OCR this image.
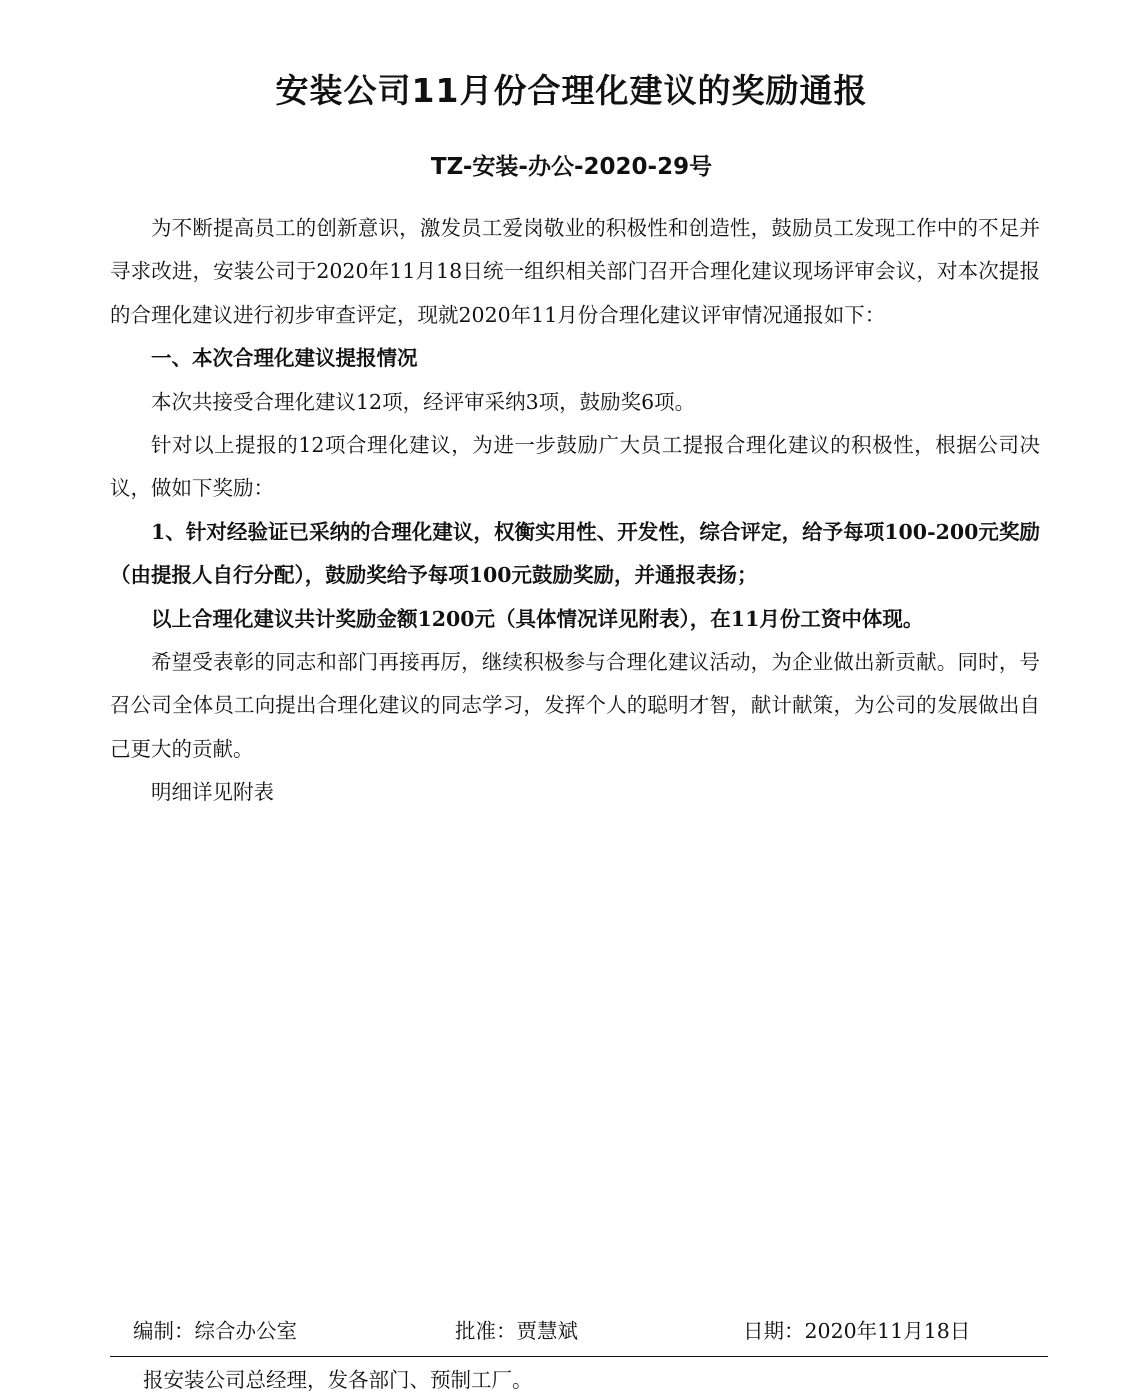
安装公司11月份合理化建议的奖励通报
TZ-安装-办公-2020-29号

为不断提高员工的创新意识，激发员工爱岗敬业的积极性和创造性，鼓励员工发现工作中的不足并寻求改进，安装公司于2020年11月18日统一组织相关部门召开合理化建议现场评审会议，对本次提报的合理化建议进行初步审查评定，现就2020年11月份合理化建议评审情况通报如下：

一、本次合理化建议提报情况

本次共接受合理化建议12项，经评审采纳3项，鼓励奖6项。

针对以上提报的12项合理化建议，为进一步鼓励广大员工提报合理化建议的积极性，根据公司决议，做如下奖励：

1、针对经验证已采纳的合理化建议，权衡实用性、开发性，综合评定，给予每项100-200元奖励（由提报人自行分配），鼓励奖给予每项100元鼓励奖励，并通报表扬；

以上合理化建议共计奖励金额1200元（具体情况详见附表），在11月份工资中体现。

希望受表彰的同志和部门再接再厉，继续积极参与合理化建议活动，为企业做出新贡献。同时，号召公司全体员工向提出合理化建议的同志学习，发挥个人的聪明才智，献计献策，为公司的发展做出自己更大的贡献。

明细详见附表

编制：综合办公室	批准：贾慧斌	日期：2020年11月18日
报安装公司总经理，发各部门、预制工厂。
